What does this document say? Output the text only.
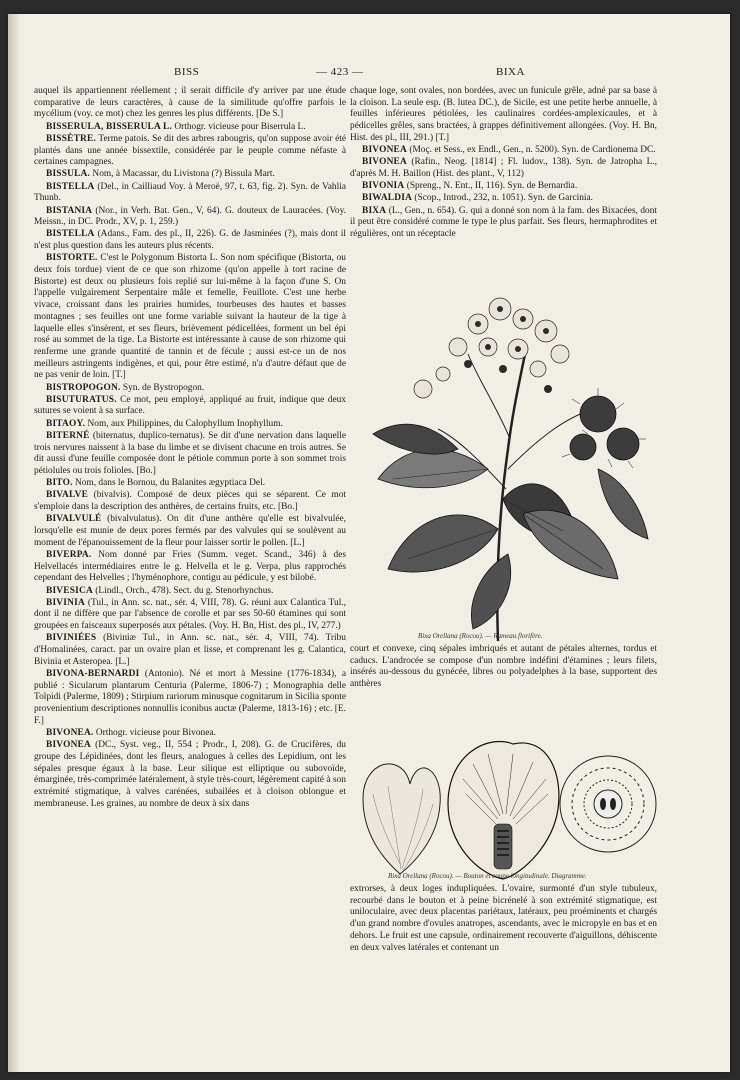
BISS	— 423 —	BIXA

auquel ils appartiennent réellement ; il serait difficile d'y arriver par une étude comparative de leurs caractères, à cause de la similitude qu'offre parfois le mycélium (voy. ce mot) chez les genres les plus différents. [De S.]

BISSERULA, BISSERULA L. Orthogr. vicieuse pour Biserrula L.

BISSÈTRE. Terme patois. Se dit des arbres rabougris, qu'on suppose avoir été plantés dans une année bissextile, considérée par le peuple comme néfaste à certaines campagnes.

BISSULA. Nom, à Macassar, du Livistona (?) Bissula Mart.

BISTELLA (Del., in Cailliaud Voy. à Meroë, 97, t. 63, fig. 2). Syn. de Vahlia Thunb.

BISTANIA (Nor., in Verh. Bat. Gen., V, 64). G. douteux de Lauracées. (Voy. Meissn., in DC. Prodr., XV, p. 1, 259.)

BISTELLA (Adans., Fam. des pl., II, 226). G. de Jasminées (?), mais dont il n'est plus question dans les auteurs plus récents.

BISTORTE. C'est le Polygonum Bistorta L. Son nom spécifique (Bistorta, ou deux fois tordue) vient de ce que son rhizome (qu'on appelle à tort racine de Bistorte) est deux ou plusieurs fois replié sur lui-même à la façon d'une S. On l'appelle vulgairement Serpentaire mâle et femelle, Feuillote. C'est une herbe vivace, croissant dans les prairies humides, tourbeuses des hautes et basses montagnes ; ses feuilles ont une forme variable suivant la hauteur de la tige à laquelle elles s'insèrent, et ses fleurs, brièvement pédicellées, forment un bel épi rosé au sommet de la tige. La Bistorte est intéressante à cause de son rhizome qui renferme une grande quantité de tannin et de fécule ; aussi est-ce un de nos meilleurs astringents indigènes, et qui, pour être estimé, n'a d'autre défaut que de ne pas venir de loin. [T.]

BISTROPOGON. Syn. de Bystropogon.

BISUTURATUS. Ce mot, peu employé, appliqué au fruit, indique que deux sutures se voient à sa surface.

BITAOY. Nom, aux Philippines, du Calophyllum Inophyllum.

BITERNÉ (biternatus, duplico-ternatus). Se dit d'une nervation dans laquelle trois nervures naissent à la base du limbe et se divisent chacune en trois autres. Se dit aussi d'une feuille composée dont le pétiole commun porte à son sommet trois pétiolules ou trois folioles. [Bo.]

BITO. Nom, dans le Bornou, du Balanites ægyptiaca Del.

BIVALVE (bivalvis). Composé de deux pièces qui se séparent. Ce mot s'emploie dans la description des anthères, de certains fruits, etc. [Bo.]

BIVALVULÉ (bivalvulatus). On dit d'une anthère qu'elle est bivalvulée, lorsqu'elle est munie de deux pores fermés par des valvules qui se soulèvent au moment de l'épanouissement de la fleur pour laisser sortir le pollen. [L.]

BIVERPA. Nom donné par Fries (Summ. veget. Scand., 346) à des Helvellacés intermédiaires entre le g. Helvella et le g. Verpa, plus rapprochés cependant des Helvelles ; l'hyménophore, contigu au pédicule, y est bilobé.

BIVESICA (Lindl., Orch., 478). Sect. du g. Stenorhynchus.

BIVINIA (Tul., in Ann. sc. nat., sér. 4, VIII, 78). G. réuni aux Calantica Tul., dont il ne diffère que par l'absence de corolle et par ses 50-60 étamines qui sont groupées en faisceaux superposés aux pétales. (Voy. H. Bn, Hist. des pl., IV, 277.)

BIVINIÉES (Biviniæ Tul., in Ann. sc. nat., sér. 4, VIII, 74). Tribu d'Homalinées, caract. par un ovaire plan et lisse, et comprenant les g. Calantica, Bivinia et Asteropea. [L.]

BIVONA-BERNARDI (Antonio). Né et mort à Messine (1776-1834), a publié : Sicularum plantarum Centuria (Palerme, 1806-7) ; Monographia delle Tolpidi (Palerme, 1809) ; Stirpium rariorum minusque cognitarum in Sicilia sponte provenientium descriptiones nonnullis iconibus auctæ (Palerme, 1813-16) ; etc. [E. F.]

BIVONEA. Orthogr. vicieuse pour Bivonea.

BIVONEA (DC., Syst. veg., II, 554 ; Prodr., I, 208). G. de Crucifères, du groupe des Lépidinées, dont les fleurs, analogues à celles des Lepidium, ont les sépales presque égaux à la base. Leur silique est elliptique ou subovoïde, émarginée, très-comprimée latéralement, à style très-court, légèrement capité à son extrémité stigmatique, à valves carénées, subailées et à cloison oblongue et membraneuse. Les graines, au nombre de deux à six dans

chaque loge, sont ovales, non bordées, avec un funicule grêle, adné par sa base à la cloison. La seule esp. (B. lutea DC.), de Sicile, est une petite herbe annuelle, à feuilles inférieures pétiolées, les caulinaires cordées-amplexicaules, et à pédicelles grêles, sans bractées, à grappes définitivement allongées. (Voy. H. Bn, Hist. des pl., III, 291.) [T.]

BIVONEA (Moç. et Sess., ex Endl., Gen., n. 5200). Syn. de Cardionema DC.

BIVONEA (Rafin., Neog. [1814] ; Fl. ludov., 138). Syn. de Jatropha L., d'après M. H. Baillon (Hist. des plant., V, 112)

BIVONIA (Spreng., N. Ent., II, 116). Syn. de Bernardia.

BIWALDIA (Scop., Introd., 232, n. 1051). Syn. de Garcinia.

BIXA (L., Gen., n. 654). G. qui a donné son nom à la fam. des Bixacées, dont il peut être considéré comme le type le plus parfait. Ses fleurs, hermaphrodites et régulières, ont un réceptacle

Bixa Orellana (Rocou). — Rameau florifère.

court et convexe, cinq sépales imbriqués et autant de pétales alternes, tordus et caducs. L'androcée se compose d'un nombre indéfini d'étamines ; leurs filets, insérés au-dessous du gynécée, libres ou polyadelphes à la base, supportent des anthères

Bixa Orellana (Rocou). — Bouton et coupe longitudinale. Diagramme.

extrorses, à deux loges indupliquées. L'ovaire, surmonté d'un style tubuleux, recourbé dans le bouton et à peine bicrénelé à son extrémité stigmatique, est uniloculaire, avec deux placentas pariétaux, latéraux, peu proéminents et chargés d'un grand nombre d'ovules anatropes, ascendants, avec le micropyle en bas et en dehors. Le fruit est une capsule, ordinairement recouverte d'aiguillons, déhiscente en deux valves latérales et contenant un
